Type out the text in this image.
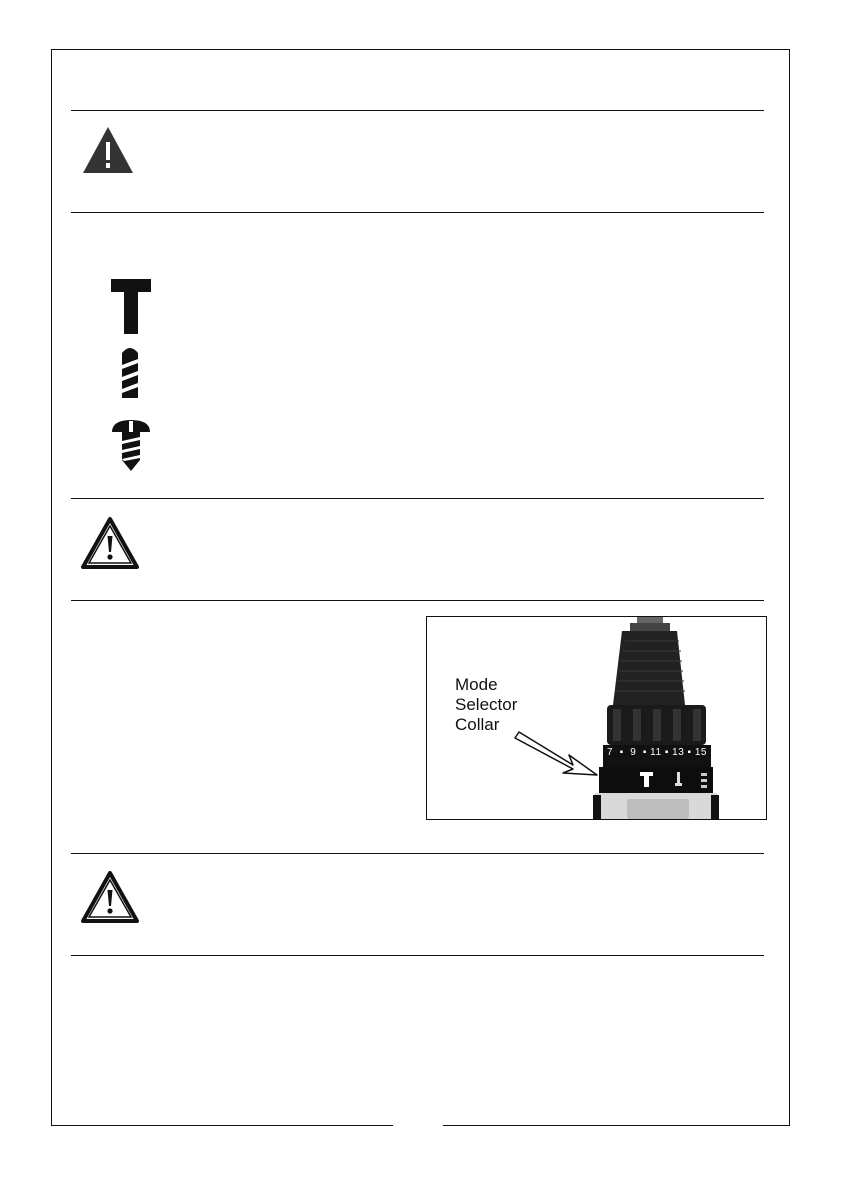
7  ▪  9  ▪ 11 ▪ 13 ▪ 15
Mode
Selector
Collar
